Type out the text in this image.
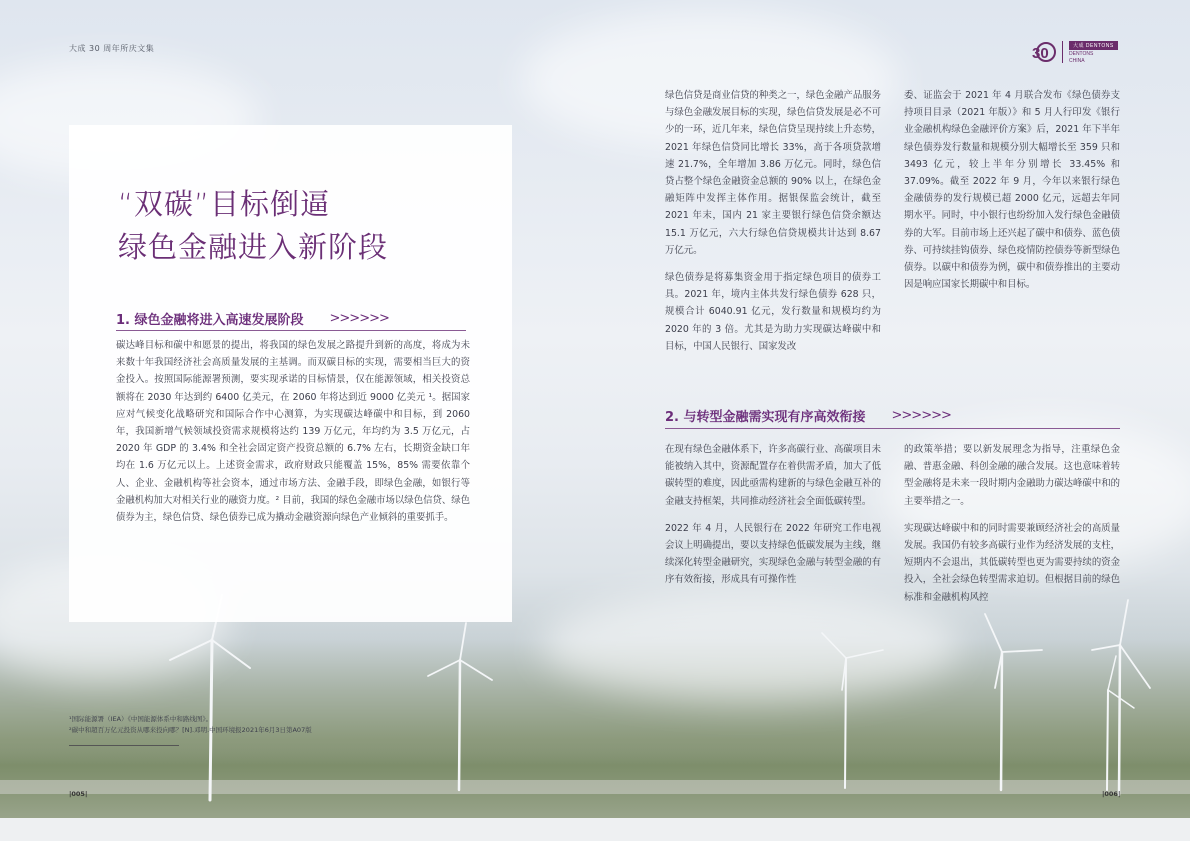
大成 30 周年所庆文集	30	大成 DENTONS
DENTONS
CHINA
“双碳”目标倒逼
绿色金融进入新阶段
1. 绿色金融将进入高速发展阶段 >>>>>>

碳达峰目标和碳中和愿景的提出，将我国的绿色发展之路提升到新的高度，将成为未来数十年我国经济社会高质量发展的主基调。而双碳目标的实现，需要相当巨大的资金投入。按照国际能源署预测，要实现承诺的目标情景，仅在能源领域，相关投资总额将在 2030 年达到约 6400 亿美元，在 2060 年将达到近 9000 亿美元 ¹。据国家应对气候变化战略研究和国际合作中心测算，为实现碳达峰碳中和目标，到 2060 年，我国新增气候领域投资需求规模将达约 139 万亿元，年均约为 3.5 万亿元，占 2020 年 GDP 的 3.4% 和全社会固定资产投资总额的 6.7% 左右，长期资金缺口年均在 1.6 万亿元以上。上述资金需求，政府财政只能覆盖 15%，85% 需要依靠个人、企业、金融机构等社会资本，通过市场方法、金融手段，即绿色金融，如银行等金融机构加大对相关行业的融资力度。² 目前，我国的绿色金融市场以绿色信贷、绿色债券为主，绿色信贷、绿色债券已成为撬动金融资源向绿色产业倾斜的重要抓手。

绿色信贷是商业信贷的种类之一，绿色金融产品服务与绿色金融发展目标的实现，绿色信贷发展是必不可少的一环，近几年来，绿色信贷呈现持续上升态势，2021 年绿色信贷同比增长 33%，高于各项贷款增速 21.7%，全年增加 3.86 万亿元。同时，绿色信贷占整个绿色金融资金总额的 90% 以上，在绿色金融矩阵中发挥主体作用。据银保监会统计，截至 2021 年末，国内 21 家主要银行绿色信贷余额达 15.1 万亿元，六大行绿色信贷规模共计达到 8.67 万亿元。

绿色债券是将募集资金用于指定绿色项目的债券工具。2021 年，境内主体共发行绿色债券 628 只，规模合计 6040.91 亿元，发行数量和规模均约为 2020 年的 3 倍。尤其是为助力实现碳达峰碳中和目标，中国人民银行、国家发改

委、证监会于 2021 年 4 月联合发布《绿色债券支持项目目录（2021 年版）》和 5 月人行印发《银行业金融机构绿色金融评价方案》后，2021 年下半年绿色债券发行数量和规模分别大幅增长至 359 只和 3493 亿元，较上半年分别增长 33.45% 和 37.09%。截至 2022 年 9 月，今年以来银行绿色金融债券的发行规模已超 2000 亿元，远超去年同期水平。同时，中小银行也纷纷加入发行绿色金融债券的大军。目前市场上还兴起了碳中和债券、蓝色债券、可持续挂钩债券、绿色疫情防控债券等新型绿色债券。以碳中和债券为例，碳中和债券推出的主要动因是响应国家长期碳中和目标。

2. 与转型金融需实现有序高效衔接 >>>>>>

在现有绿色金融体系下，许多高碳行业、高碳项目未能被纳入其中，资源配置存在着供需矛盾，加大了低碳转型的难度，因此亟需构建新的与绿色金融互补的金融支持框架，共同推动经济社会全面低碳转型。

2022 年 4 月，人民银行在 2022 年研究工作电视会议上明确提出，要以支持绿色低碳发展为主线，继续深化转型金融研究，实现绿色金融与转型金融的有序有效衔接，形成具有可操作性

的政策举措；要以新发展理念为指导，注重绿色金融、普惠金融、科创金融的融合发展。这也意味着转型金融将是未来一段时期内金融助力碳达峰碳中和的主要举措之一。

实现碳达峰碳中和的同时需要兼顾经济社会的高质量发展。我国仍有较多高碳行业作为经济发展的支柱，短期内不会退出，其低碳转型也更为需要持续的资金投入，全社会绿色转型需求迫切。但根据目前的绿色标准和金融机构风控

¹国际能源署（IEA）《中国能源体系中和路线图》。
²碳中和超百万亿元投资从哪来投向哪？[N].邓明.中国环境报2021年6月3日第A07版
|005|	|006|
